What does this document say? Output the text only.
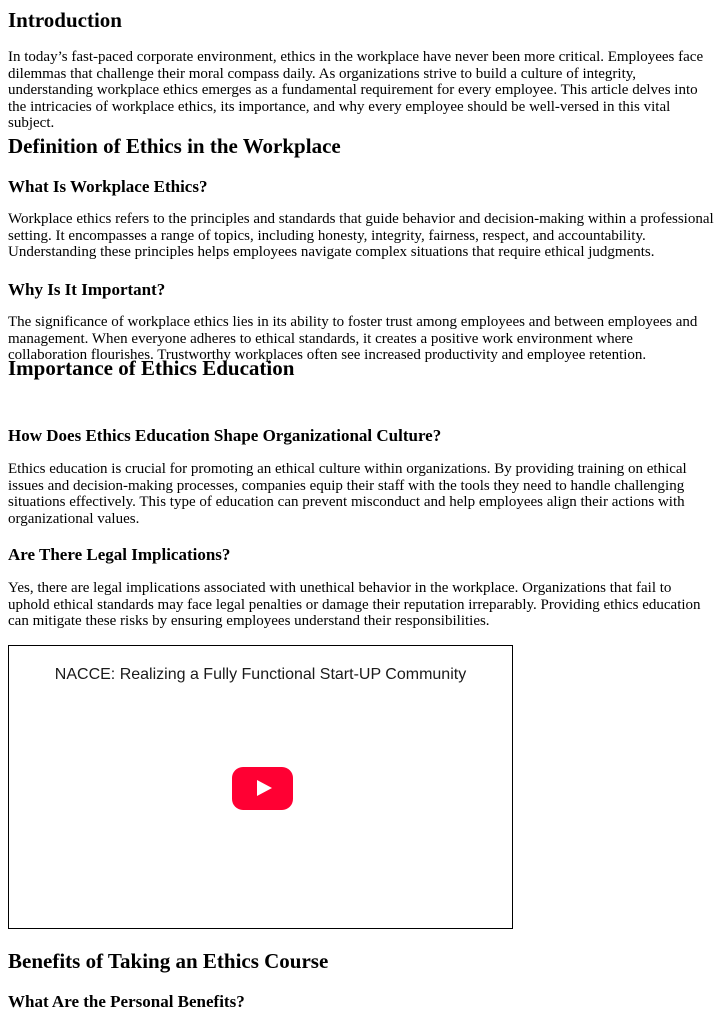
Introduction

In today’s fast-paced corporate environment, ethics in the workplace have never been more critical. Employees face dilemmas that challenge their moral compass daily. As organizations strive to build a culture of integrity, understanding workplace ethics emerges as a fundamental requirement for every employee. This article delves into the intricacies of workplace ethics, its importance, and why every employee should be well-versed in this vital subject.

Definition of Ethics in the Workplace
What Is Workplace Ethics?

Workplace ethics refers to the principles and standards that guide behavior and decision-making within a professional setting. It encompasses a range of topics, including honesty, integrity, fairness, respect, and accountability. Understanding these principles helps employees navigate complex situations that require ethical judgments.

Why Is It Important?

The significance of workplace ethics lies in its ability to foster trust among employees and between employees and management. When everyone adheres to ethical standards, it creates a positive work environment where collaboration flourishes. Trustworthy workplaces often see increased productivity and employee retention.

Importance of Ethics Education
How Does Ethics Education Shape Organizational Culture?

Ethics education is crucial for promoting an ethical culture within organizations. By providing training on ethical issues and decision-making processes, companies equip their staff with the tools they need to handle challenging situations effectively. This type of education can prevent misconduct and help employees align their actions with organizational values.

Are There Legal Implications?

Yes, there are legal implications associated with unethical behavior in the workplace. Organizations that fail to uphold ethical standards may face legal penalties or damage their reputation irreparably. Providing ethics education can mitigate these risks by ensuring employees understand their responsibilities.

NACCE: Realizing a Fully Functional Start-UP Community
Benefits of Taking an Ethics Course
What Are the Personal Benefits?
